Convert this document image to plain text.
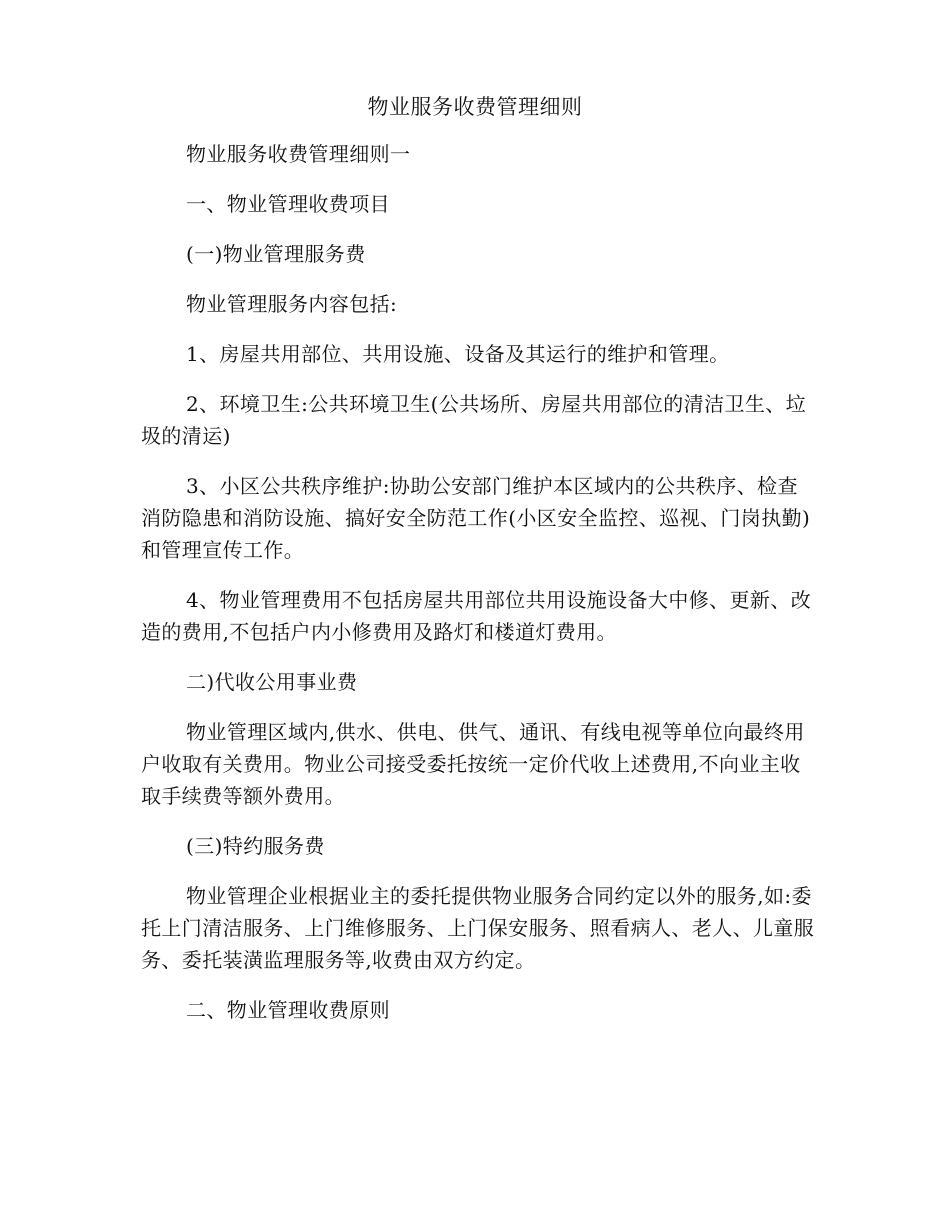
物业服务收费管理细则

物业服务收费管理细则一

一、物业管理收费项目

(一)物业管理服务费

物业管理服务内容包括:

1、房屋共用部位、共用设施、设备及其运行的维护和管理。

2、环境卫生:公共环境卫生(公共场所、房屋共用部位的清洁卫生、垃圾的清运)

3、小区公共秩序维护:协助公安部门维护本区域内的公共秩序、检查消防隐患和消防设施、搞好安全防范工作(小区安全监控、巡视、门岗执勤)和管理宣传工作。

4、物业管理费用不包括房屋共用部位共用设施设备大中修、更新、改造的费用,不包括户内小修费用及路灯和楼道灯费用。

二)代收公用事业费

物业管理区域内,供水、供电、供气、通讯、有线电视等单位向最终用户收取有关费用。物业公司接受委托按统一定价代收上述费用,不向业主收取手续费等额外费用。

(三)特约服务费

物业管理企业根据业主的委托提供物业服务合同约定以外的服务,如:委托上门清洁服务、上门维修服务、上门保安服务、照看病人、老人、儿童服务、委托装潢监理服务等,收费由双方约定。

二、物业管理收费原则
